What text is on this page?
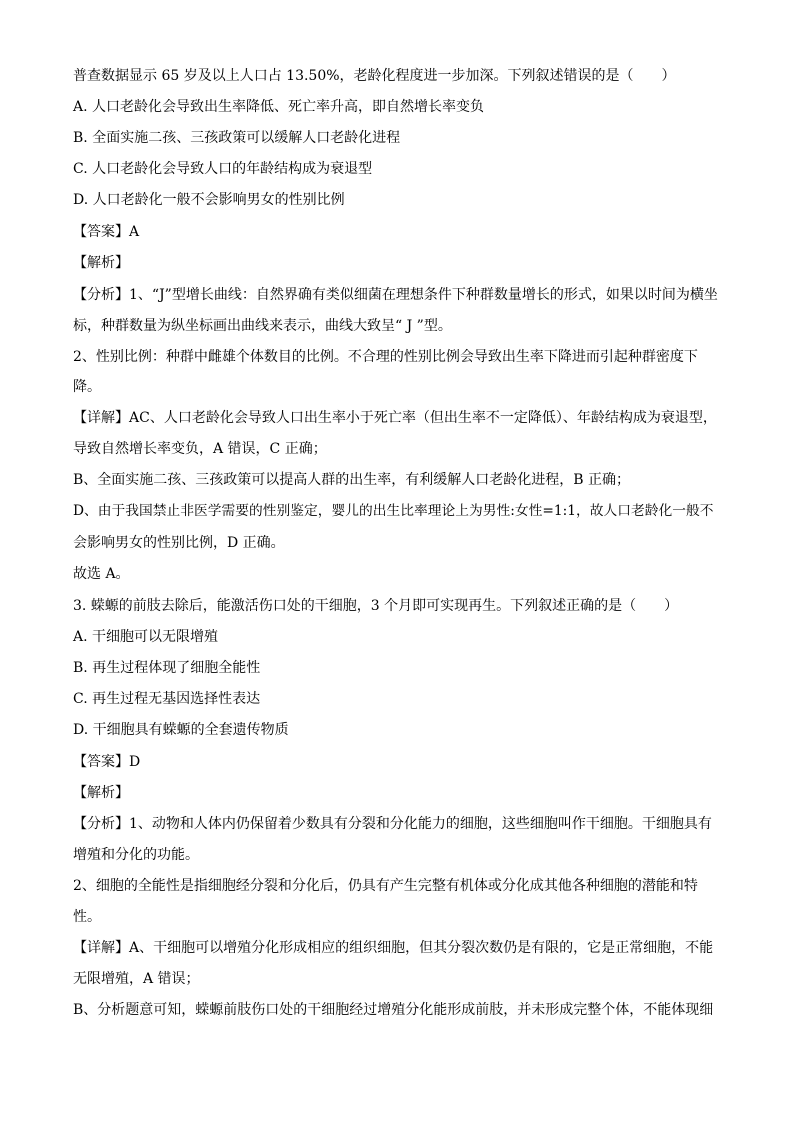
普查数据显示 65 岁及以上人口占 13.50%，老龄化程度进一步加深。下列叙述错误的是（　　）
A. 人口老龄化会导致出生率降低、死亡率升高，即自然增长率变负
B. 全面实施二孩、三孩政策可以缓解人口老龄化进程
C. 人口老龄化会导致人口的年龄结构成为衰退型
D. 人口老龄化一般不会影响男女的性别比例
【答案】A
【解析】
【分析】1、“J”型增长曲线：自然界确有类似细菌在理想条件下种群数量增长的形式，如果以时间为横坐
标，种群数量为纵坐标画出曲线来表示，曲线大致呈“ J ”型。
2、性别比例：种群中雌雄个体数目的比例。不合理的性别比例会导致出生率下降进而引起种群密度下
降。
【详解】AC、人口老龄化会导致人口出生率小于死亡率（但出生率不一定降低）、年龄结构成为衰退型，
导致自然增长率变负，A 错误，C 正确；
B、全面实施二孩、三孩政策可以提高人群的出生率，有利缓解人口老龄化进程，B 正确；
D、由于我国禁止非医学需要的性别鉴定，婴儿的出生比率理论上为男性:女性=1:1，故人口老龄化一般不
会影响男女的性别比例，D 正确。
故选 A。
3. 蝾螈的前肢去除后，能激活伤口处的干细胞，3 个月即可实现再生。下列叙述正确的是（　　）
A. 干细胞可以无限增殖
B. 再生过程体现了细胞全能性
C. 再生过程无基因选择性表达
D. 干细胞具有蝾螈的全套遗传物质
【答案】D
【解析】
【分析】1、动物和人体内仍保留着少数具有分裂和分化能力的细胞，这些细胞叫作干细胞。干细胞具有
增殖和分化的功能。
2、细胞的全能性是指细胞经分裂和分化后，仍具有产生完整有机体或分化成其他各种细胞的潜能和特
性。
【详解】A、干细胞可以增殖分化形成相应的组织细胞，但其分裂次数仍是有限的，它是正常细胞，不能
无限增殖，A 错误；
B、分析题意可知，蝾螈前肢伤口处的干细胞经过增殖分化能形成前肢，并未形成完整个体，不能体现细
